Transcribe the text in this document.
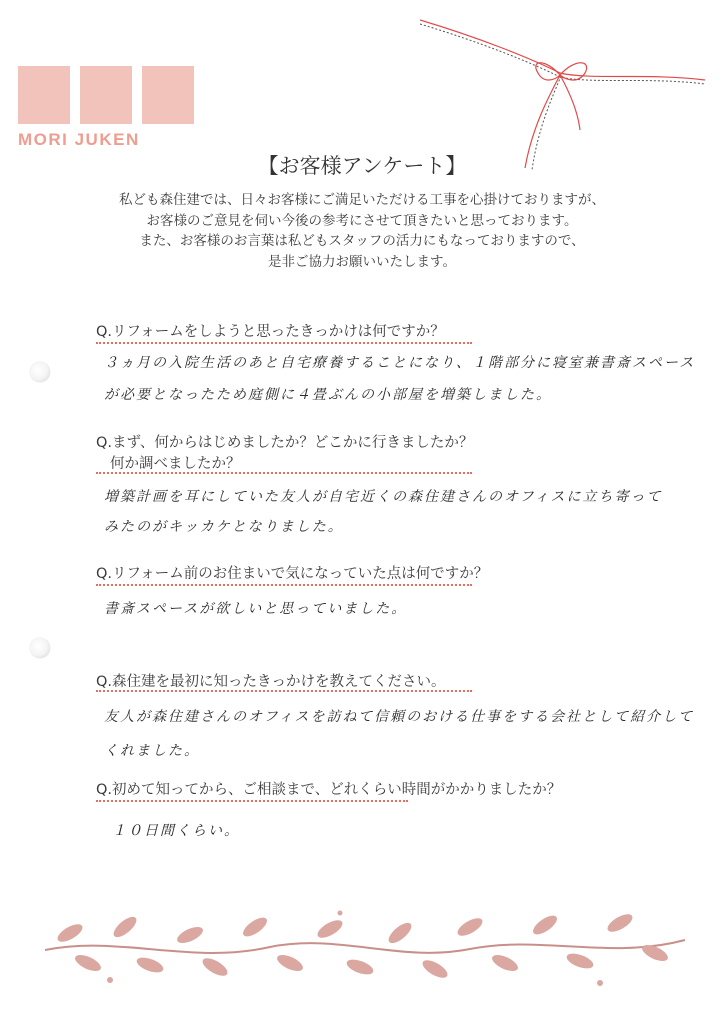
MORI JUKEN
【お客様アンケート】
私ども森住建では、日々お客様にご満足いただける工事を心掛けておりますが、
お客様のご意見を伺い今後の参考にさせて頂きたいと思っております。
また、お客様のお言葉は私どもスタッフの活力にもなっておりますので、
是非ご協力お願いいたします。
Q.リフォームをしようと思ったきっかけは何ですか？
３ヵ月の入院生活のあと自宅療養することになり、１階部分に寝室兼書斎スペース
が必要となったため庭側に４畳ぶんの小部屋を増築しました。
Q.まず、何からはじめましたか？どこかに行きましたか？
何か調べましたか？
増築計画を耳にしていた友人が自宅近くの森住建さんのオフィスに立ち寄って
みたのがキッカケとなりました。
Q.リフォーム前のお住まいで気になっていた点は何ですか？
書斎スペースが欲しいと思っていました。
Q.森住建を最初に知ったきっかけを教えてください。
友人が森住建さんのオフィスを訪ねて信頼のおける仕事をする会社として紹介して
くれました。
Q.初めて知ってから、ご相談まで、どれくらい時間がかかりましたか？
１０日間くらい。
